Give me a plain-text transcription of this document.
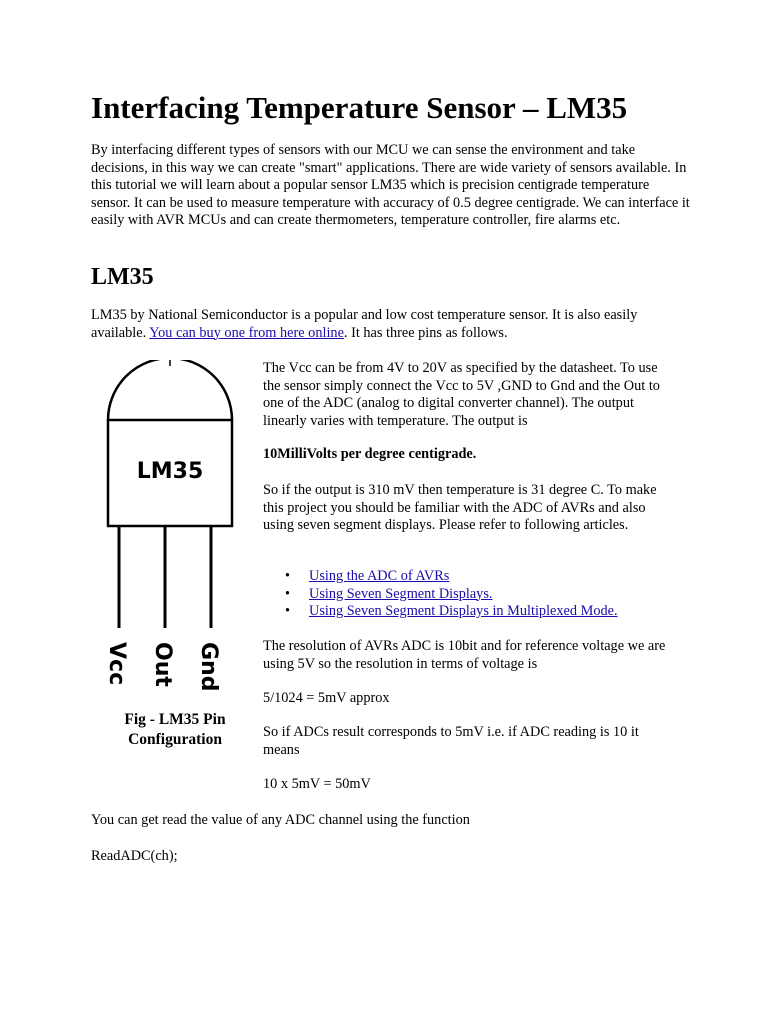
Interfacing Temperature Sensor – LM35

By interfacing different types of sensors with our MCU we can sense the environment and take decisions, in this way we can create "smart" applications. There are wide variety of sensors available. In this tutorial we will learn about a popular sensor LM35 which is precision centigrade temperature sensor. It can be used to measure temperature with accuracy of 0.5 degree centigrade. We can interface it easily with AVR MCUs and can create thermometers, temperature controller, fire alarms etc.

LM35

LM35 by National Semiconductor is a popular and low cost temperature sensor. It is also easily available. You can buy one from here online. It has three pins as follows.

LM35
Vcc Out Gnd
Fig - LM35 Pin Configuration

The Vcc can be from 4V to 20V as specified by the datasheet. To use the sensor simply connect the Vcc to 5V ,GND to Gnd and the Out to one of the ADC (analog to digital converter channel). The output linearly varies with temperature. The output is

10MilliVolts per degree centigrade.

So if the output is 310 mV then temperature is 31 degree C. To make this project you should be familiar with the ADC of AVRs and also using seven segment displays. Please refer to following articles.

• Using the ADC of AVRs
• Using Seven Segment Displays.
• Using Seven Segment Displays in Multiplexed Mode.

The resolution of AVRs ADC is 10bit and for reference voltage we are using 5V so the resolution in terms of voltage is

5/1024 = 5mV approx

So if ADCs result corresponds to 5mV i.e. if ADC reading is 10 it means

10 x 5mV = 50mV

You can get read the value of any ADC channel using the function

ReadADC(ch);
